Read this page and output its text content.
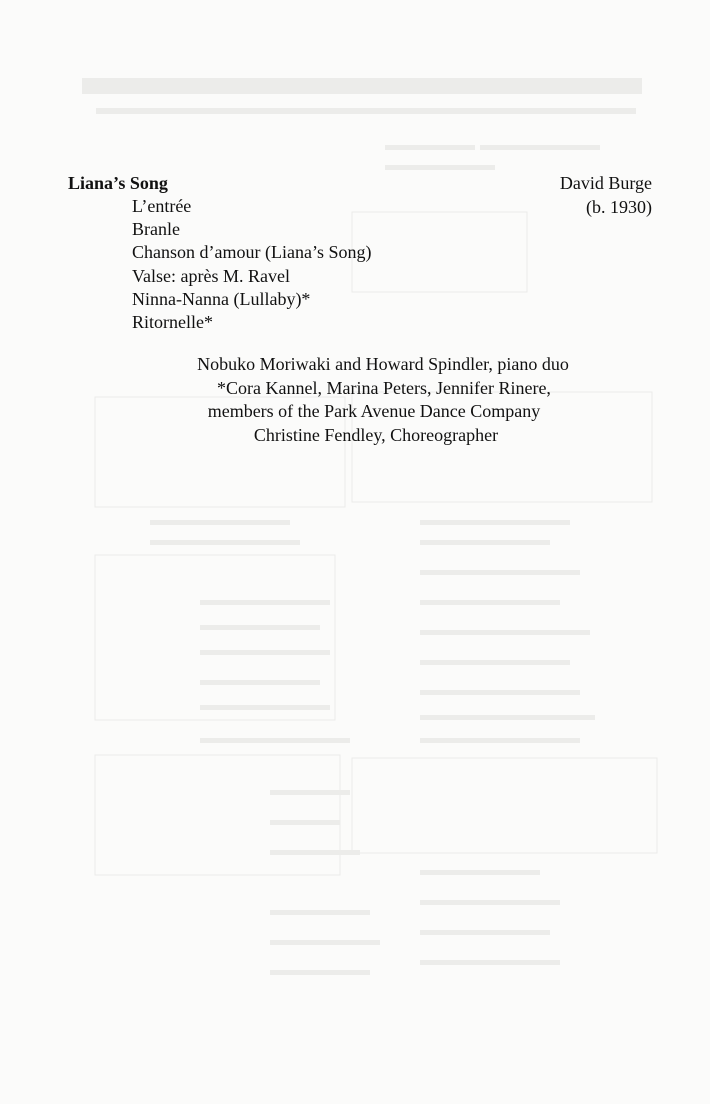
Liana’s Song	David Burge
(b. 1930)
L’entrée
Branle
Chanson d’amour (Liana’s Song)
Valse: après M. Ravel
Ninna-Nanna (Lullaby)*
Ritornelle*
Nobuko Moriwaki and Howard Spindler, piano duo
*Cora Kannel, Marina Peters, Jennifer Rinere,
members of the Park Avenue Dance Company
Christine Fendley, Choreographer
